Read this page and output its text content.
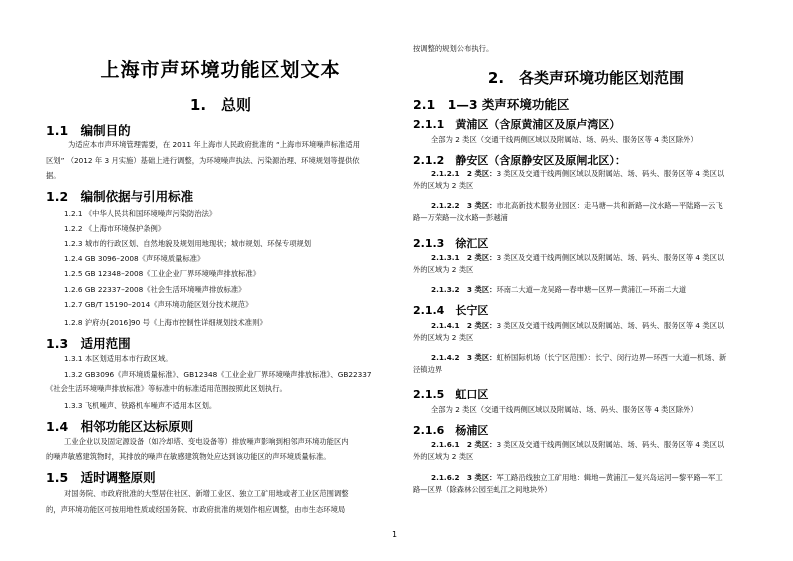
上海市声环境功能区划文本
1.　总则
1.1　编制目的
为适应本市声环境管理需要，在 2011 年上海市人民政府批准的 “上海市环境噪声标准适用
区划” （2012 年 3 月实施）基础上进行调整，为环境噪声执法、污染源治理、环境规划等提供依
据。
1.2　编制依据与引用标准
1.2.1 《中华人民共和国环境噪声污染防治法》
1.2.2 《上海市环境保护条例》
1.2.3 城市的行政区划、自然地貌及规划用地现状；城市规划、环保专项规划
1.2.4 GB 3096–2008《声环境质量标准》
1.2.5 GB 12348–2008《工业企业厂界环境噪声排放标准》
1.2.6 GB 22337–2008《社会生活环境噪声排放标准》
1.2.7 GB/T 15190–2014《声环境功能区划分技术规范》
1.2.8 沪府办[2016]90 号《上海市控制性详细规划技术准则》
1.3　适用范围
1.3.1 本区划适用本市行政区域。
1.3.2 GB3096《声环境质量标准》、GB12348《工业企业厂界环境噪声排放标准》、GB22337
《社会生活环境噪声排放标准》等标准中的标准适用范围按照此区划执行。
1.3.3 飞机噪声、铁路机车噪声不适用本区划。
1.4　相邻功能区达标原则
工业企业以及固定源设备（如冷却塔、变电设备等）排放噪声影响到相邻声环境功能区内
的噪声敏感建筑物时，其排放的噪声在敏感建筑物处应达到该功能区的声环境质量标准。
1.5　适时调整原则
对国务院、市政府批准的大型居住社区、新增工业区、独立工矿用地或者工业区范围调整
的，声环境功能区可按用地性质或经国务院、市政府批准的规划作相应调整，由市生态环境局
按调整的规划公布执行。
2.　各类声环境功能区划范围
2.1　1—3 类声环境功能区
2.1.1　黄浦区（含原黄浦区及原卢湾区）
全部为 2 类区（交通干线两侧区域以及附属站、场、码头、服务区等 4 类区除外）
2.1.2　静安区（含原静安区及原闸北区）：
2.1.2.1　2 类区：3 类区及交通干线两侧区域以及附属站、场、码头、服务区等 4 类区以
外的区域为 2 类区
2.1.2.2　3 类区：市北高新技术服务业园区：走马塘—共和新路—汶水路—平陆路—云飞
路—万荣路—汶水路—彭越浦
2.1.3　徐汇区
2.1.3.1　2 类区：3 类区及交通干线两侧区域以及附属站、场、码头、服务区等 4 类区以
外的区域为 2 类区
2.1.3.2　3 类区：环南二大道—龙吴路—春申塘—区界—黄浦江—环南二大道
2.1.4　长宁区
2.1.4.1　2 类区：3 类区及交通干线两侧区域以及附属站、场、码头、服务区等 4 类区以
外的区域为 2 类区
2.1.4.2　3 类区：虹桥国际机场（长宁区范围）：长宁、闵行边界—环西一大道—机场、新
泾镇边界
2.1.5　虹口区
全部为 2 类区（交通干线两侧区域以及附属站、场、码头、服务区等 4 类区除外）
2.1.6　杨浦区
2.1.6.1　2 类区：3 类区及交通干线两侧区域以及附属站、场、码头、服务区等 4 类区以
外的区域为 2 类区
2.1.6.2　3 类区：军工路沿线独立工矿用地：辑地—黄浦江—复兴岛运河—黎平路—军工
路—区界（除森林公园至虬江之间地块外）
1
